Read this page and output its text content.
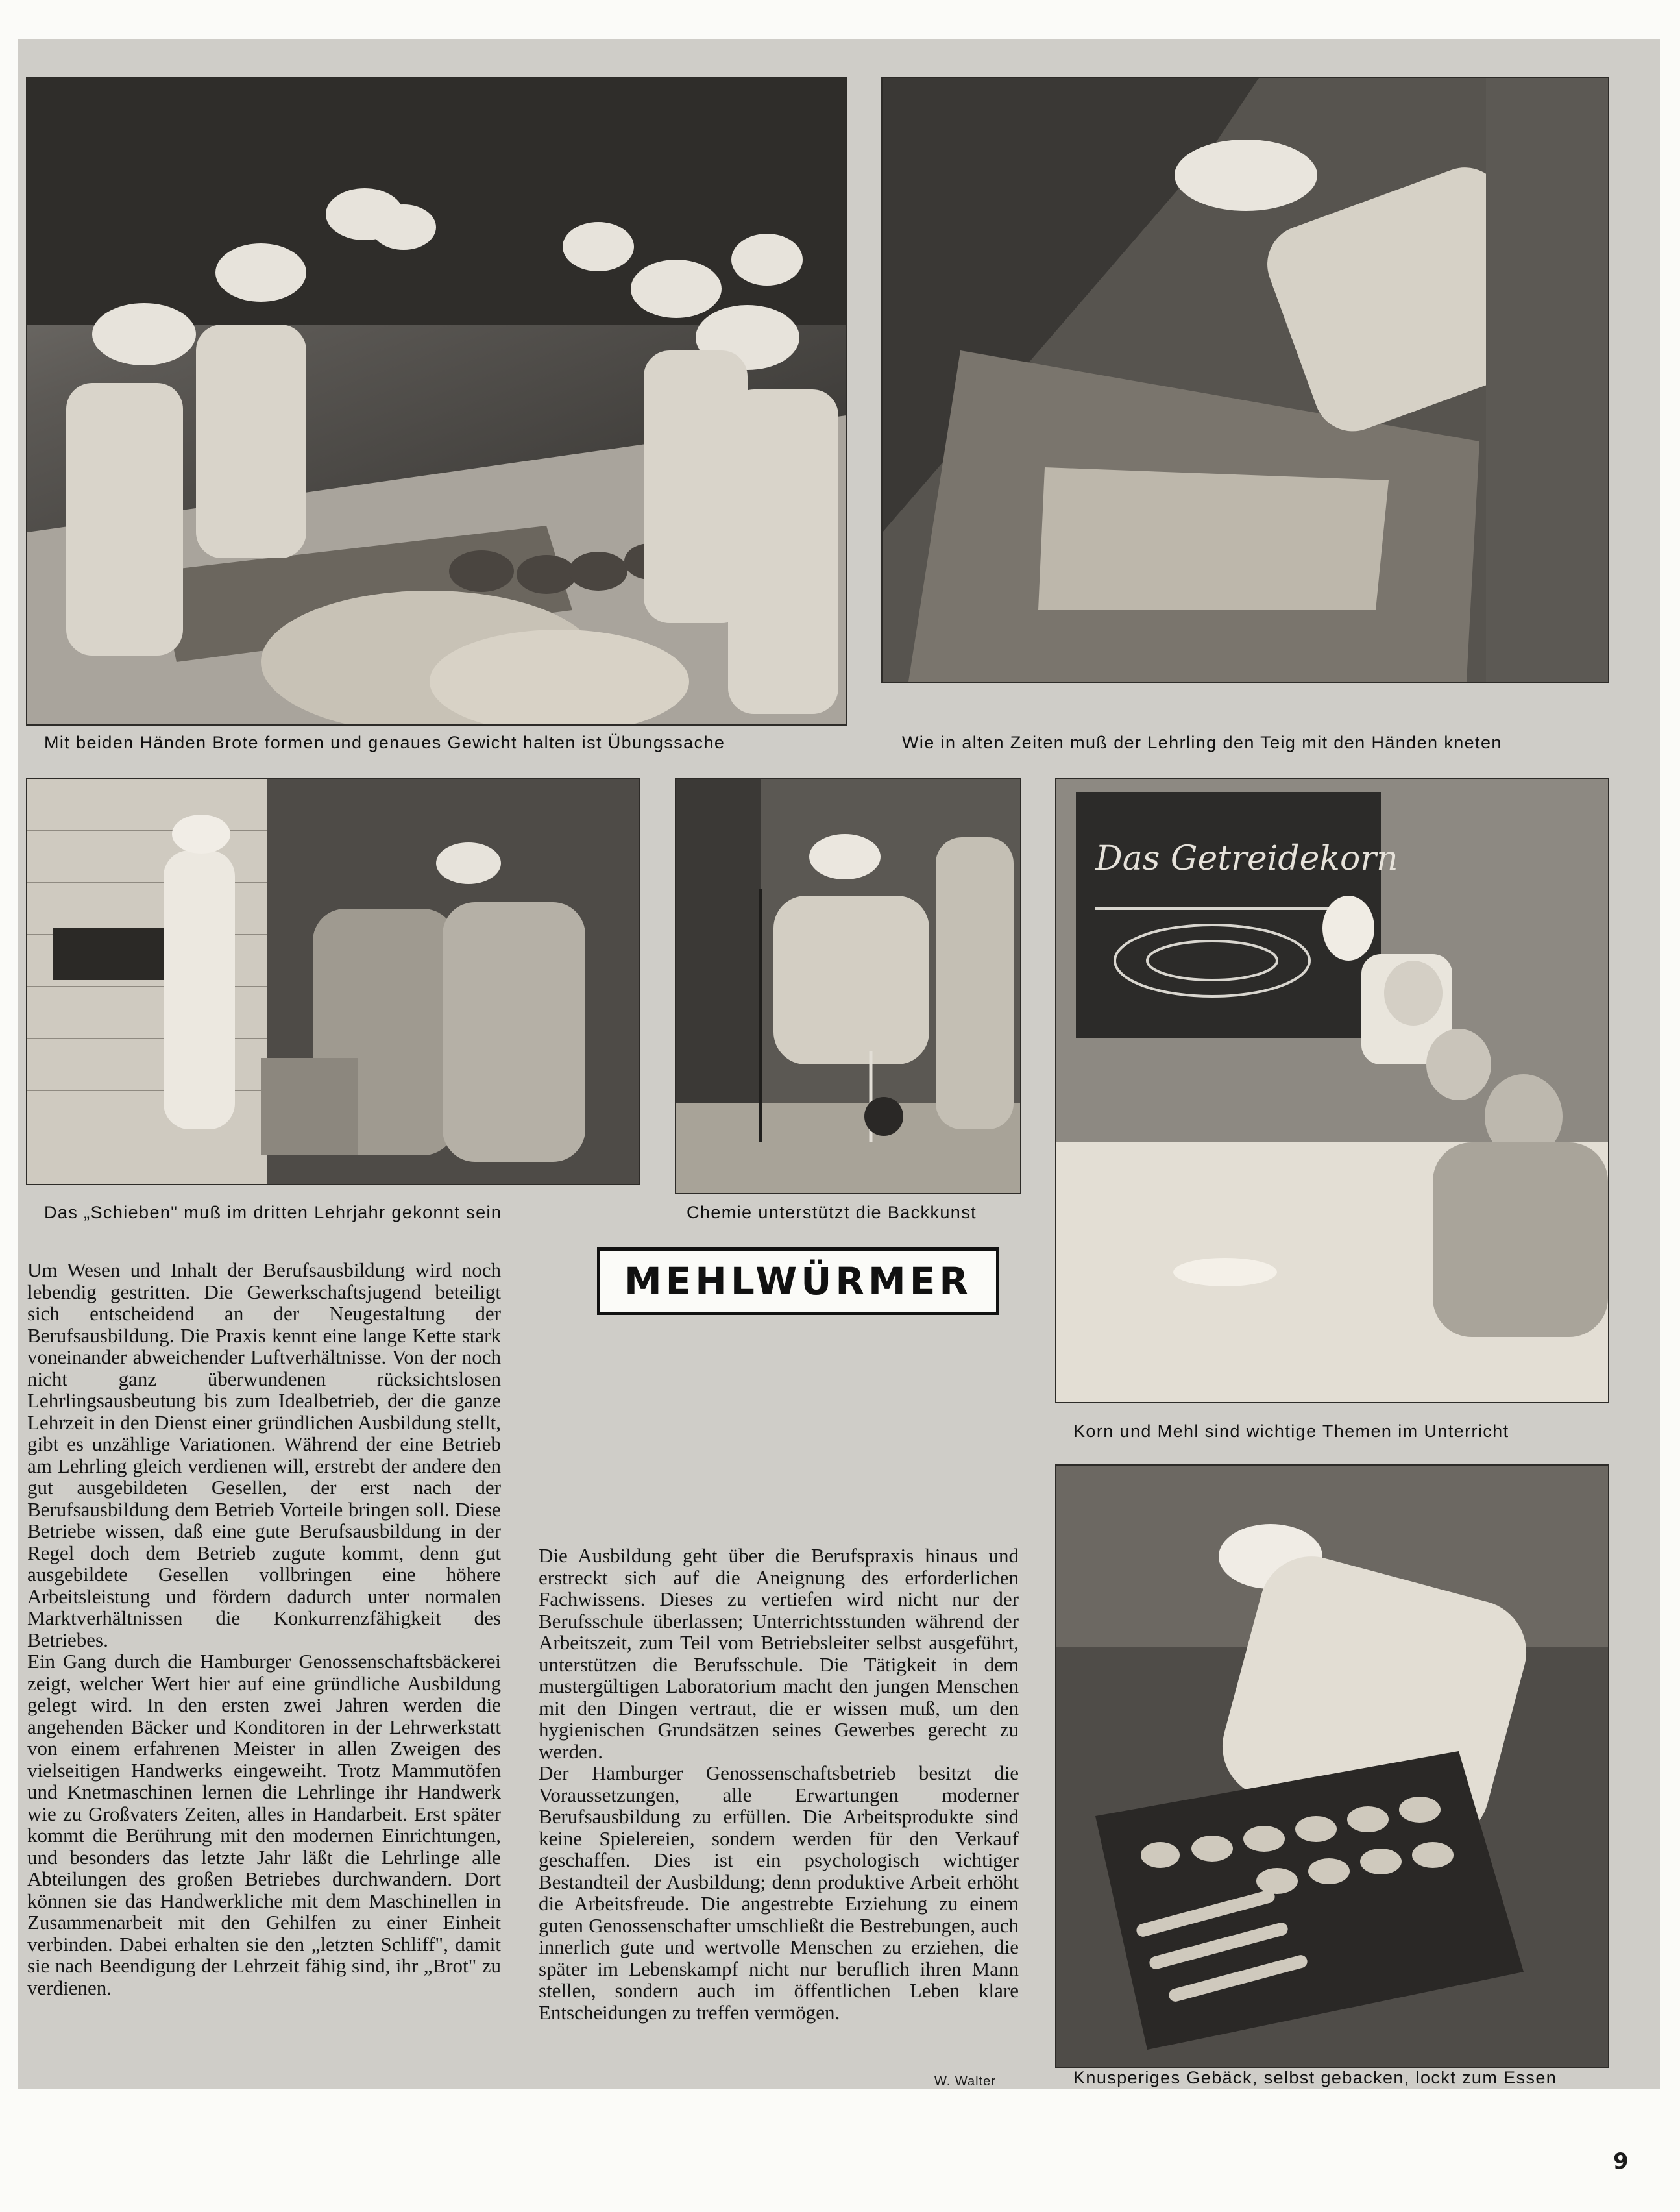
Mit beiden Händen Brote formen und genaues Gewicht halten ist Übungssache	Wie in alten Zeiten muß der Lehrling den Teig mit den Händen kneten
Das „Schieben" muß im dritten Lehrjahr gekonnt sein	Chemie unterstützt die Backkunst
Das Getreidekorn
Korn und Mehl sind wichtige Themen im Unterricht
Knusperiges Gebäck, selbst gebacken, lockt zum Essen
MEHLWÜRMER

Um Wesen und Inhalt der Berufsausbildung wird noch lebendig gestritten. Die Gewerkschaftsjugend beteiligt sich entscheidend an der Neugestaltung der Berufsausbildung. Die Praxis kennt eine lange Kette stark voneinander abweichender Luftverhältnisse. Von der noch nicht ganz überwundenen rücksichtslosen Lehrlingsausbeutung bis zum Idealbetrieb, der die ganze Lehrzeit in den Dienst einer gründlichen Ausbildung stellt, gibt es unzählige Variationen. Während der eine Betrieb am Lehrling gleich verdienen will, erstrebt der andere den gut ausgebildeten Gesellen, der erst nach der Berufsausbildung dem Betrieb Vorteile bringen soll. Diese Betriebe wissen, daß eine gute Berufsausbildung in der Regel doch dem Betrieb zugute kommt, denn gut ausgebildete Gesellen vollbringen eine höhere Arbeitsleistung und fördern dadurch unter normalen Marktverhältnissen die Konkurrenzfähigkeit des Betriebes.

Ein Gang durch die Hamburger Genossenschaftsbäckerei zeigt, welcher Wert hier auf eine gründliche Ausbildung gelegt wird. In den ersten zwei Jahren werden die angehenden Bäcker und Konditoren in der Lehrwerkstatt von einem erfahrenen Meister in allen Zweigen des vielseitigen Handwerks eingeweiht. Trotz Mammutöfen und Knetmaschinen lernen die Lehrlinge ihr Handwerk wie zu Großvaters Zeiten, alles in Handarbeit. Erst später kommt die Berührung mit den modernen Einrichtungen, und besonders das letzte Jahr läßt die Lehrlinge alle Abteilungen des großen Betriebes durchwandern. Dort können sie das Handwerkliche mit dem Maschinellen in Zusammenarbeit mit den Gehilfen zu einer Einheit verbinden. Dabei erhalten sie den „letzten Schliff", damit sie nach Beendigung der Lehrzeit fähig sind, ihr „Brot" zu verdienen.

Die Ausbildung geht über die Berufspraxis hinaus und erstreckt sich auf die Aneignung des erforderlichen Fachwissens. Dieses zu vertiefen wird nicht nur der Berufsschule überlassen; Unterrichtsstunden während der Arbeitszeit, zum Teil vom Betriebsleiter selbst ausgeführt, unterstützen die Berufsschule. Die Tätigkeit in dem mustergültigen Laboratorium macht den jungen Menschen mit den Dingen vertraut, die er wissen muß, um den hygienischen Grundsätzen seines Gewerbes gerecht zu werden.

Der Hamburger Genossenschaftsbetrieb besitzt die Voraussetzungen, alle Erwartungen moderner Berufsausbildung zu erfüllen. Die Arbeitsprodukte sind keine Spielereien, sondern werden für den Verkauf geschaffen. Dies ist ein psychologisch wichtiger Bestandteil der Ausbildung; denn produktive Arbeit erhöht die Arbeitsfreude. Die angestrebte Erziehung zu einem guten Genossenschafter umschließt die Bestrebungen, auch innerlich gute und wertvolle Menschen zu erziehen, die später im Lebenskampf nicht nur beruflich ihren Mann stellen, sondern auch im öffentlichen Leben klare Entscheidungen zu treffen vermögen.

W. Walter
9
